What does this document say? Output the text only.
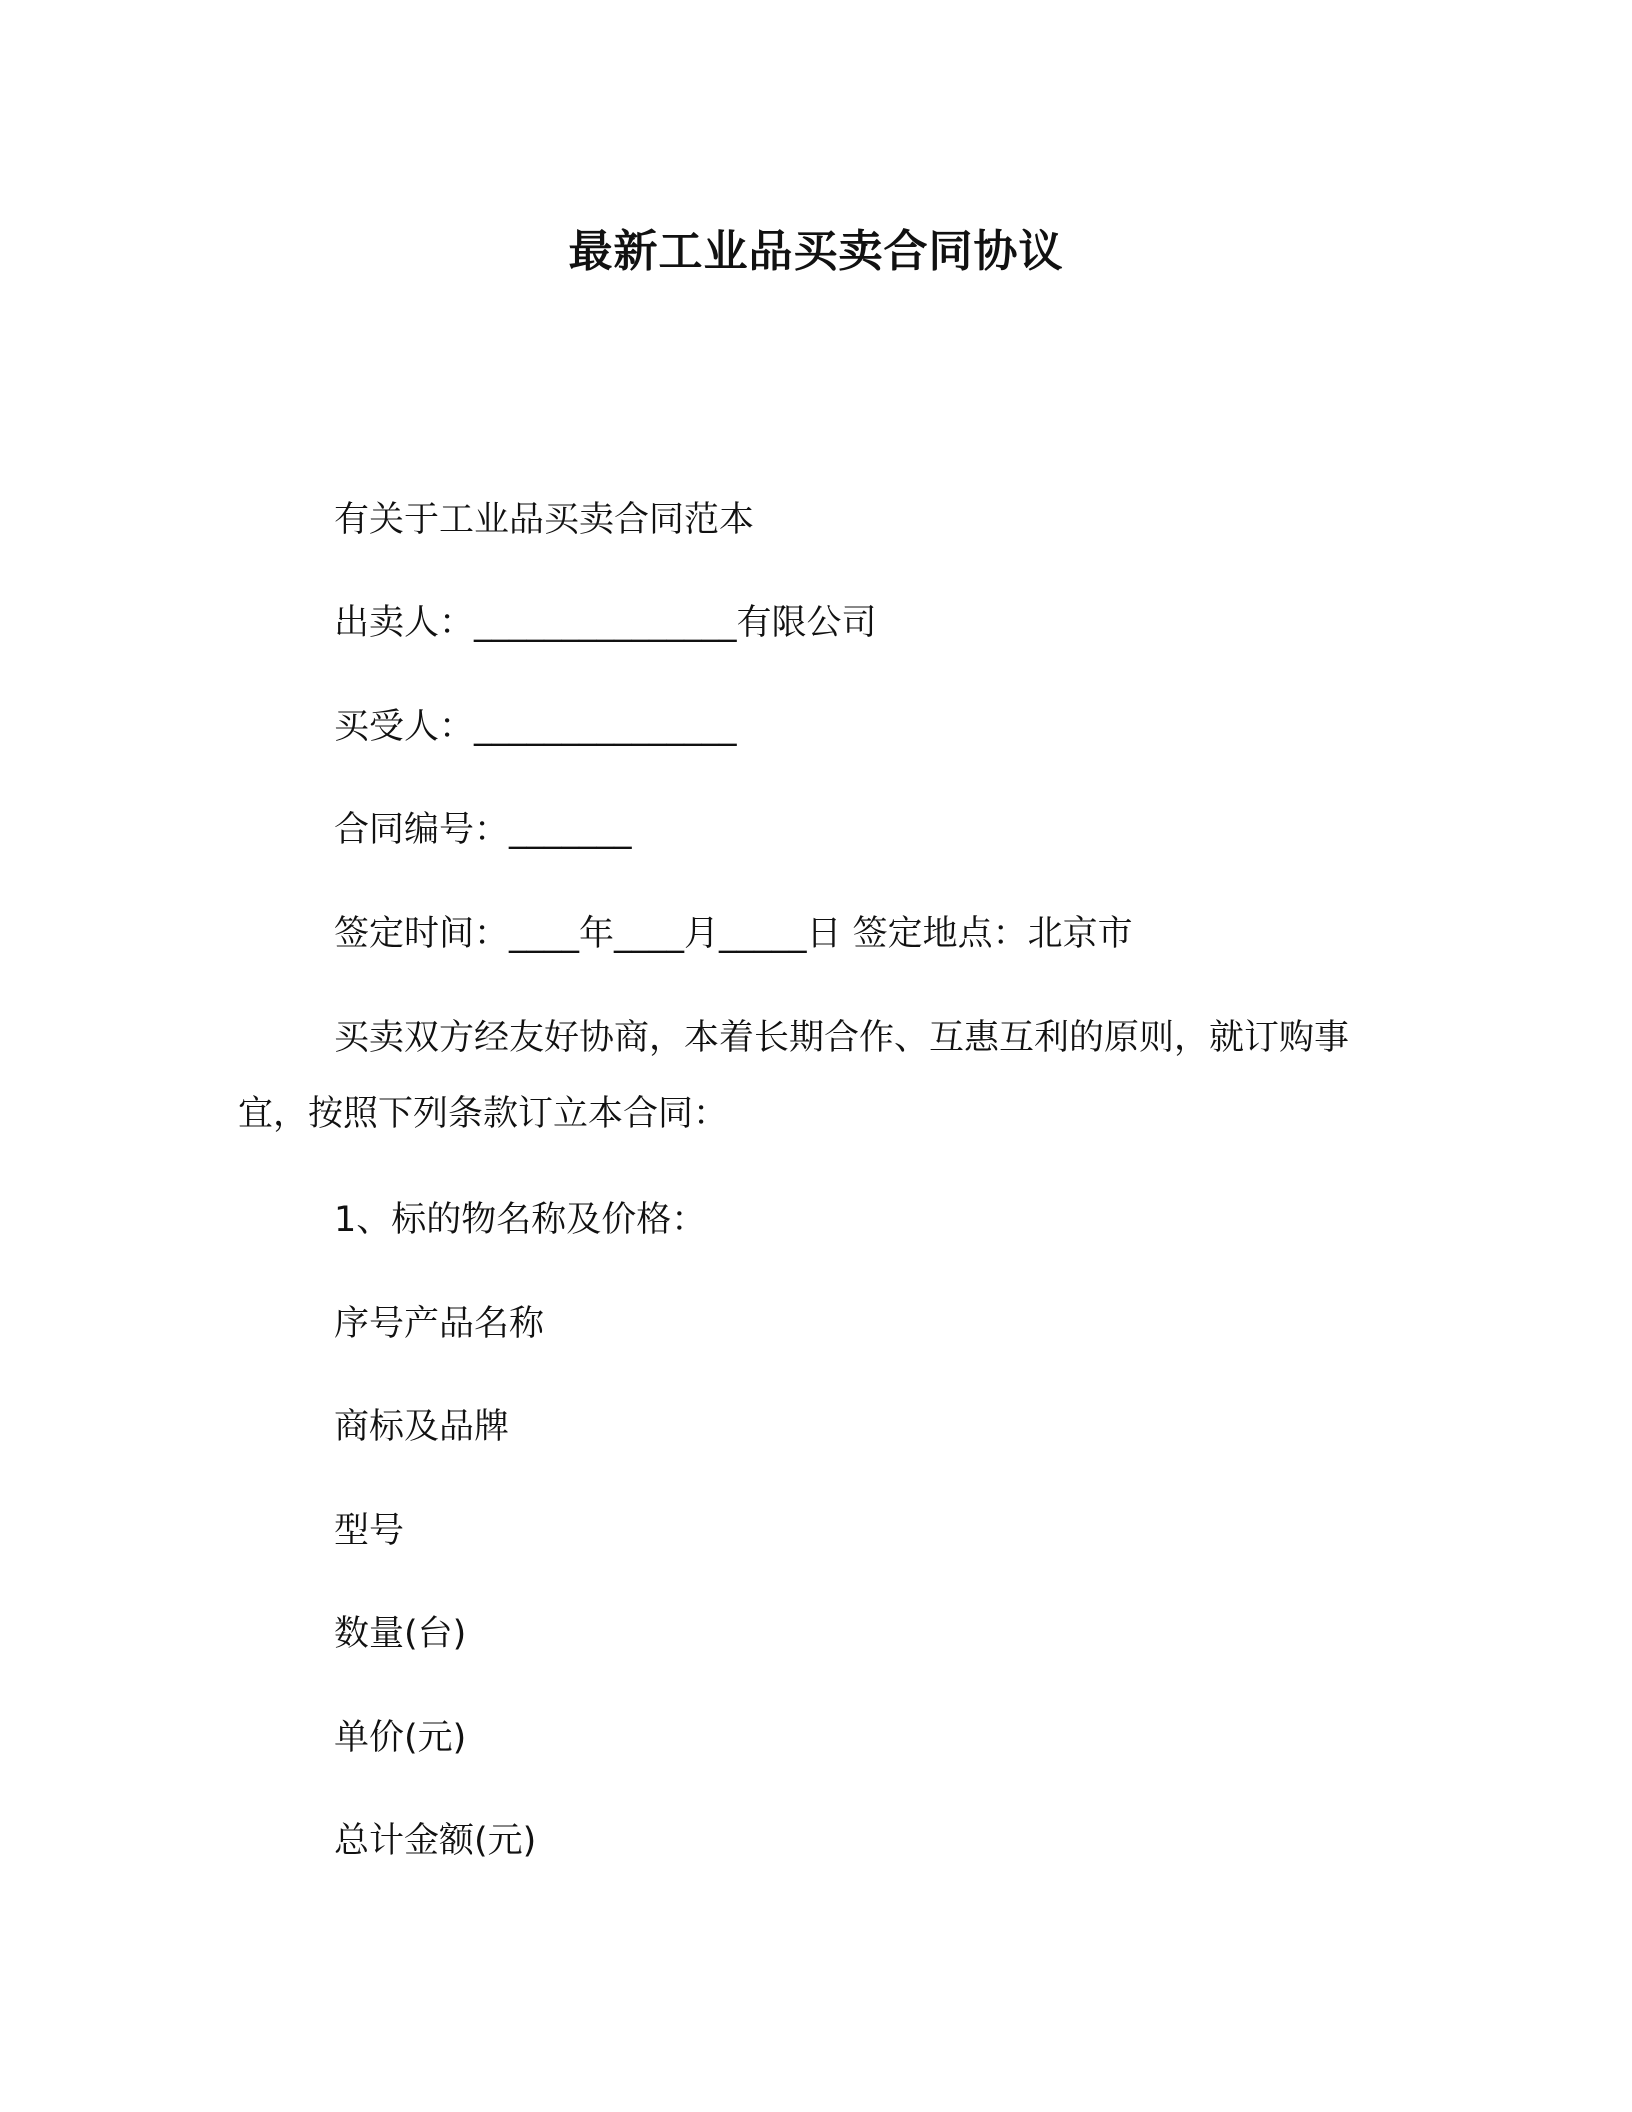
最新工业品买卖合同协议
有关于工业品买卖合同范本
出卖人：_______________有限公司
买受人：_______________
合同编号：_______
签定时间：____年____月_____日 签定地点：北京市
买卖双方经友好协商，本着长期合作、互惠互利的原则，就订购事宜，按照下列条款订立本合同：
1、标的物名称及价格：
序号产品名称
商标及品牌
型号
数量(台)
单价(元)
总计金额(元)
